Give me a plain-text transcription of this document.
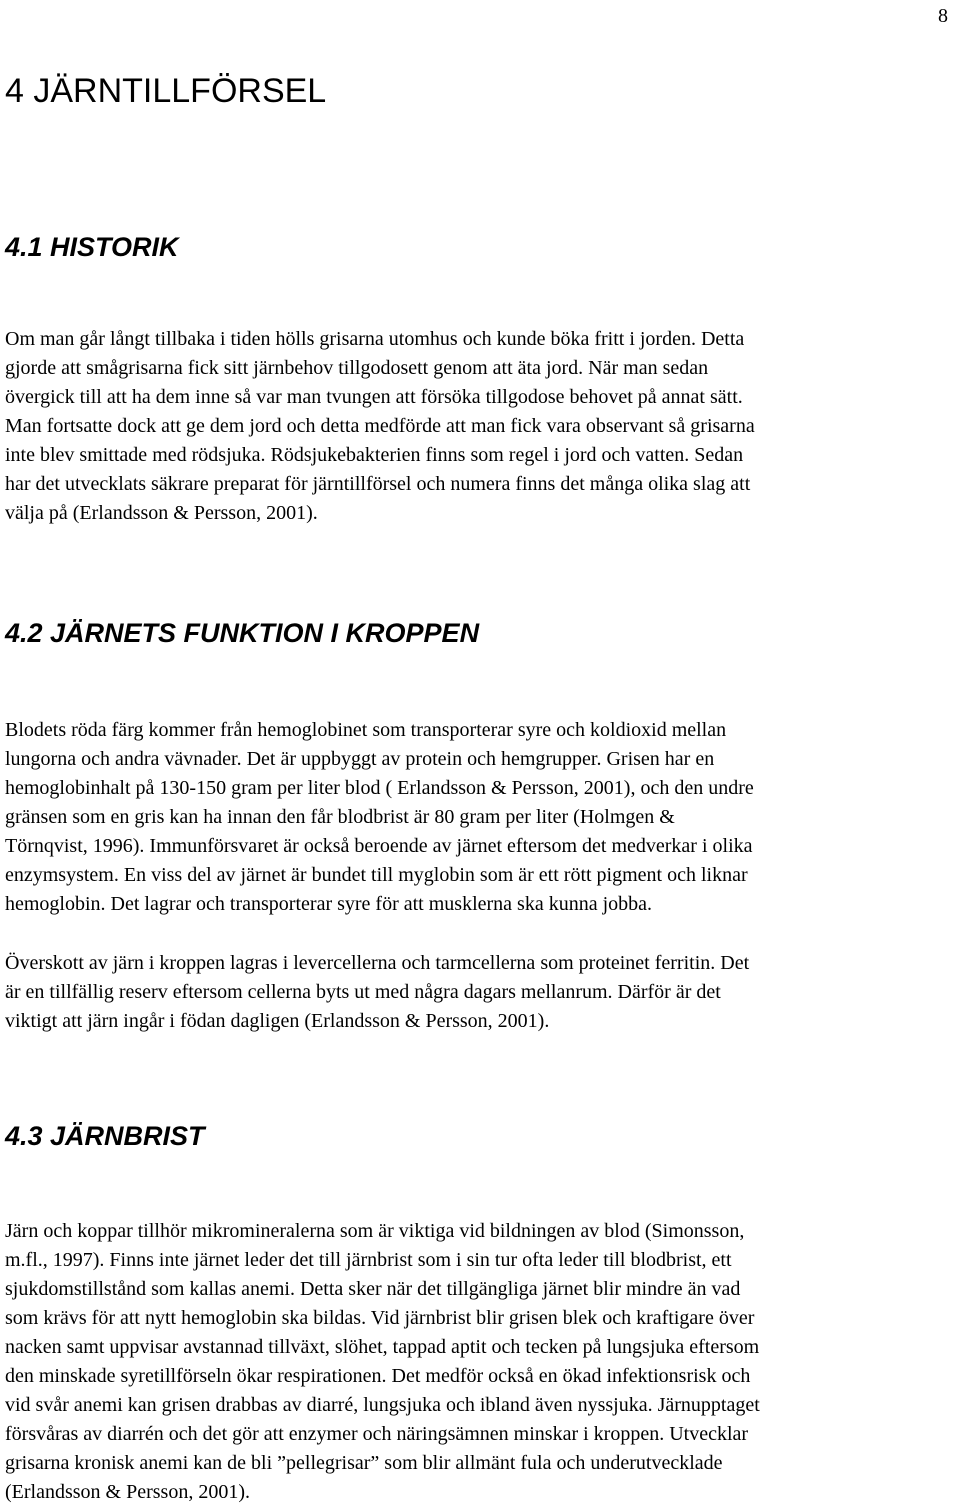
8
4 JÄRNTILLFÖRSEL
4.1 HISTORIK

Om man går långt tillbaka i tiden hölls grisarna utomhus och kunde böka fritt i jorden. Detta
gjorde att smågrisarna fick sitt järnbehov tillgodosett genom att äta jord. När man sedan
övergick till att ha dem inne så var man tvungen att försöka tillgodose behovet på annat sätt.
Man fortsatte dock att ge dem jord och detta medförde att man fick vara observant så grisarna
inte blev smittade med rödsjuka. Rödsjukebakterien finns som regel i jord och vatten. Sedan
har det utvecklats säkrare preparat för järntillförsel och numera finns det många olika slag att
välja på (Erlandsson & Persson, 2001).

4.2 JÄRNETS FUNKTION I KROPPEN

Blodets röda färg kommer från hemoglobinet som transporterar syre och koldioxid mellan
lungorna och andra vävnader. Det är uppbyggt av protein och hemgrupper. Grisen har en
hemoglobinhalt på 130-150 gram per liter blod ( Erlandsson & Persson, 2001), och den undre
gränsen som en gris kan ha innan den får blodbrist är 80 gram per liter (Holmgen &
Törnqvist, 1996). Immunförsvaret är också beroende av järnet eftersom det medverkar i olika
enzymsystem. En viss del av järnet är bundet till myglobin som är ett rött pigment och liknar
hemoglobin. Det lagrar och transporterar syre för att musklerna ska kunna jobba.

Överskott av järn i kroppen lagras i levercellerna och tarmcellerna som proteinet ferritin. Det
är en tillfällig reserv eftersom cellerna byts ut med några dagars mellanrum. Därför är det
viktigt att järn ingår i födan dagligen (Erlandsson & Persson, 2001).

4.3 JÄRNBRIST

Järn och koppar tillhör mikromineralerna som är viktiga vid bildningen av blod (Simonsson,
m.fl., 1997). Finns inte järnet leder det till järnbrist som i sin tur ofta leder till blodbrist, ett
sjukdomstillstånd som kallas anemi. Detta sker när det tillgängliga järnet blir mindre än vad
som krävs för att nytt hemoglobin ska bildas. Vid järnbrist blir grisen blek och kraftigare över
nacken samt uppvisar avstannad tillväxt, slöhet, tappad aptit och tecken på lungsjuka eftersom
den minskade syretillförseln ökar respirationen. Det medför också en ökad infektionsrisk och
vid svår anemi kan grisen drabbas av diarré, lungsjuka och ibland även nyssjuka. Järnupptaget
försvåras av diarrén och det gör att enzymer och näringsämnen minskar i kroppen. Utvecklar
grisarna kronisk anemi kan de bli ”pellegrisar” som blir allmänt fula och underutvecklade
(Erlandsson & Persson, 2001).
